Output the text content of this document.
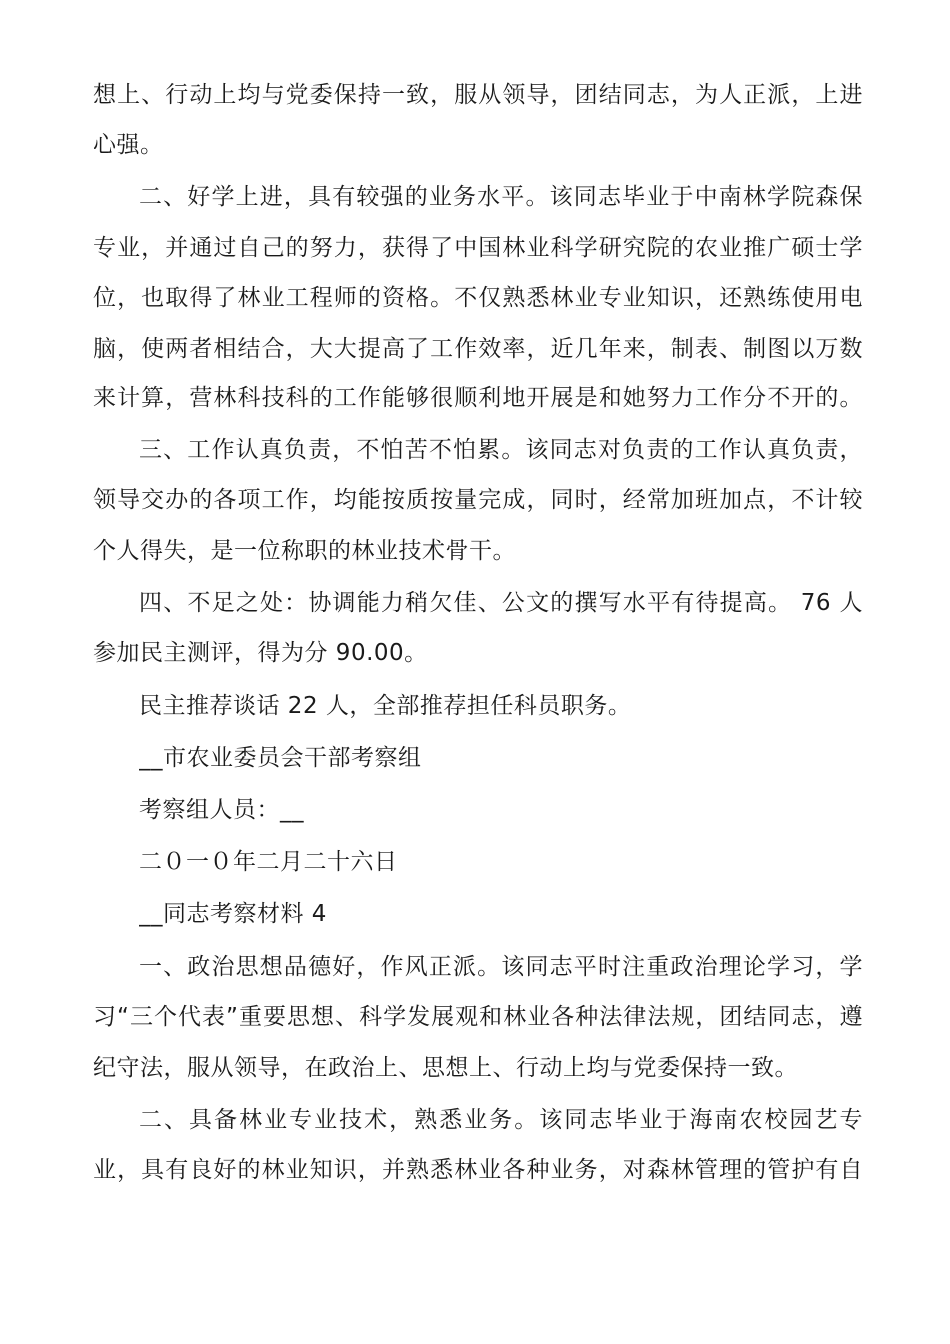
想上、行动上均与党委保持一致，服从领导，团结同志，为人正派，上进
心强。
二、好学上进，具有较强的业务水平。该同志毕业于中南林学院森保
专业，并通过自己的努力，获得了中国林业科学研究院的农业推广硕士学
位，也取得了林业工程师的资格。不仅熟悉林业专业知识，还熟练使用电
脑，使两者相结合，大大提高了工作效率，近几年来，制表、制图以万数
来计算，营林科技科的工作能够很顺利地开展是和她努力工作分不开的。
三、工作认真负责，不怕苦不怕累。该同志对负责的工作认真负责，
领导交办的各项工作，均能按质按量完成，同时，经常加班加点，不计较
个人得失，是一位称职的林业技术骨干。
四、不足之处：协调能力稍欠佳、公文的撰写水平有待提高。 76 人
参加民主测评，得为分 90.00。
民主推荐谈话 22 人，全部推荐担任科员职务。
__市农业委员会干部考察组
考察组人员：__
二０一０年二月二十六日
__同志考察材料 4
一、政治思想品德好，作风正派。该同志平时注重政治理论学习，学
习“三个代表”重要思想、科学发展观和林业各种法律法规，团结同志，遵
纪守法，服从领导，在政治上、思想上、行动上均与党委保持一致。
二、具备林业专业技术，熟悉业务。该同志毕业于海南农校园艺专
业，具有良好的林业知识，并熟悉林业各种业务，对森林管理的管护有自
